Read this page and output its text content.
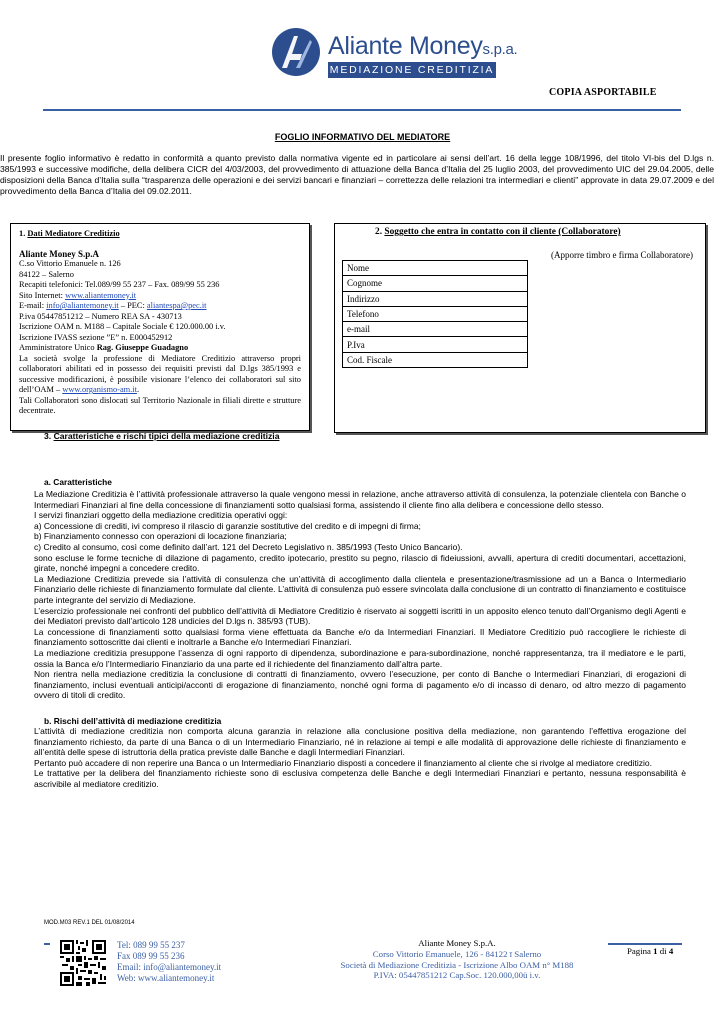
Aliante Moneys.p.a.
MEDIAZIONE CREDITIZIA
COPIA ASPORTABILE
FOGLIO INFORMATIVO DEL MEDIATORE
Il presente foglio informativo è redatto in conformità a quanto previsto dalla normativa vigente ed in particolare ai sensi dell’art. 16 della legge 108/1996, del titolo VI-bis del D.lgs n. 385/1993 e successive modifiche, della delibera CICR del 4/03/2003, del provvedimento di attuazione della Banca d’Italia del 25 luglio 2003, del provvedimento UIC del 29.04.2005, delle disposizioni della Banca d’Italia sulla “trasparenza delle operazioni e dei servizi bancari e finanziari – correttezza delle relazioni tra intermediari e clienti” approvate in data 29.07.2009 e del provvedimento della Banca d’Italia del 09.02.2011.
1. Dati Mediatore Creditizio
Aliante Money S.p.A

C.so Vittorio Emanuele n. 126

84122 – Salerno

Recapiti telefonici: Tel.089/99 55 237 – Fax. 089/99 55 236

Sito Internet: www.aliantemoney.it

E-mail: info@aliantemoney.it – PEC: aliantespa@pec.it

P.iva 05447851212 – Numero REA SA - 430713

Iscrizione OAM n. M188 – Capitale Sociale € 120.000.00 i.v.

Iscrizione IVASS sezione ”E” n. E000452912

Amministratore Unico Rag. Giuseppe Guadagno

La società svolge la professione di Mediatore Creditizio attraverso propri collaboratori abilitati ed in possesso dei requisiti previsti dal D.lgs 385/1993 e successive modificazioni, è possibile visionare l’elenco dei collaboratori sul sito dell’OAM – www.organismo-am.it.

Tali Collaboratori sono dislocati sul Territorio Nazionale in filiali dirette e strutture decentrate.

2. Soggetto che entra in contatto con il cliente (Collaboratore)
(Apporre timbro e firma Collaboratore)
Nome
Cognome
Indirizzo
Telefono
e-mail
P.Iva
Cod. Fiscale
3. Caratteristiche e rischi tipici della mediazione creditizia
a. Caratteristiche

La Mediazione Creditizia è l’attività professionale attraverso la quale vengono messi in relazione, anche attraverso attività di consulenza, la potenziale clientela con Banche o Intermediari Finanziari al fine della concessione di finanziamenti sotto qualsiasi forma, assistendo il cliente fino alla delibera e concessione dello stesso.

I servizi finanziari oggetto della mediazione creditizia operativi oggi:

a) Concessione di crediti, ivi compreso il rilascio di garanzie sostitutive del credito e di impegni di firma;

b) Finanziamento connesso con operazioni di locazione finanziaria;

c) Credito al consumo, così come definito dall’art. 121 del Decreto Legislativo n. 385/1993 (Testo Unico Bancario).

sono escluse le forme tecniche di dilazione di pagamento, credito ipotecario, prestito su pegno, rilascio di fideiussioni, avvalli, apertura di crediti documentari, accettazioni, girate, nonché impegni a concedere credito.

La Mediazione Creditizia prevede sia l’attività di consulenza che un’attività di accoglimento dalla clientela e presentazione/trasmissione ad un a Banca o Intermediario Finanziario delle richieste di finanziamento formulate dal cliente. L’attività di consulenza può essere svincolata dalla conclusione di un contratto di finanziamento e costituisce parte integrante del servizio di Mediazione.

L’esercizio professionale nei confronti del pubblico dell’attività di Mediatore Creditizio è riservato ai soggetti iscritti in un apposito elenco tenuto dall’Organismo degli Agenti e dei Mediatori previsto dall’articolo 128 undicies del D.lgs n. 385/93 (TUB).

La concessione di finanziamenti sotto qualsiasi forma viene effettuata da Banche e/o da Intermediari Finanziari. Il Mediatore Creditizio può raccogliere le richieste di finanziamento sottoscritte dai clienti e inoltrarle a Banche e/o Intermediari Finanziari.

La mediazione creditizia presuppone l’assenza di ogni rapporto di dipendenza, subordinazione e para-subordinazione, nonché rappresentanza, tra il mediatore e le parti, ossia la Banca e/o l’Intermediario Finanziario da una parte ed il richiedente del finanziamento dall’altra parte.

Non rientra nella mediazione creditizia la conclusione di contratti di finanziamento, ovvero l’esecuzione, per conto di Banche o Intermediari Finanziari, di erogazioni di finanziamento, inclusi eventuali anticipi/acconti di erogazione di finanziamento, nonché ogni forma di pagamento e/o di incasso di denaro, od altro mezzo di pagamento ovvero di titoli di credito.

b. Rischi dell’attività di mediazione creditizia

L’attività di mediazione creditizia non comporta alcuna garanzia in relazione alla conclusione positiva della mediazione, non garantendo l’effettiva erogazione del finanziamento richiesto, da parte di una Banca o di un Intermediario Finanziario, né in relazione ai tempi e alle modalità di approvazione delle richieste di finanziamento e all’entità delle spese di istruttoria della pratica previste dalle Banche e dagli Intermediari Finanziari.

Pertanto può accadere di non reperire una Banca o un Intermediario Finanziario disposti a concedere il finanziamento al cliente che si rivolge al mediatore creditizio.

Le trattative per la delibera del finanziamento richieste sono di esclusiva competenza delle Banche e degli Intermediari Finanziari e pertanto, nessuna responsabilità è ascrivibile al mediatore creditizio.

MOD.M03 REV.1 DEL 01/08/2014
Tel: 089 99 55 237
Fax 089 99 55 236
Email: info@aliantemoney.it
Web: www.aliantemoney.it
Aliante Money S.p.A.
Corso Vittorio Emanuele, 126 - 84122 ī Salerno
Società di Mediazione Creditizia - Iscrizione Albo OAM n° M188
P.IVA: 05447851212 Cap.Soc. 120.000,00ü i.v.
Pagina 1 di 4
